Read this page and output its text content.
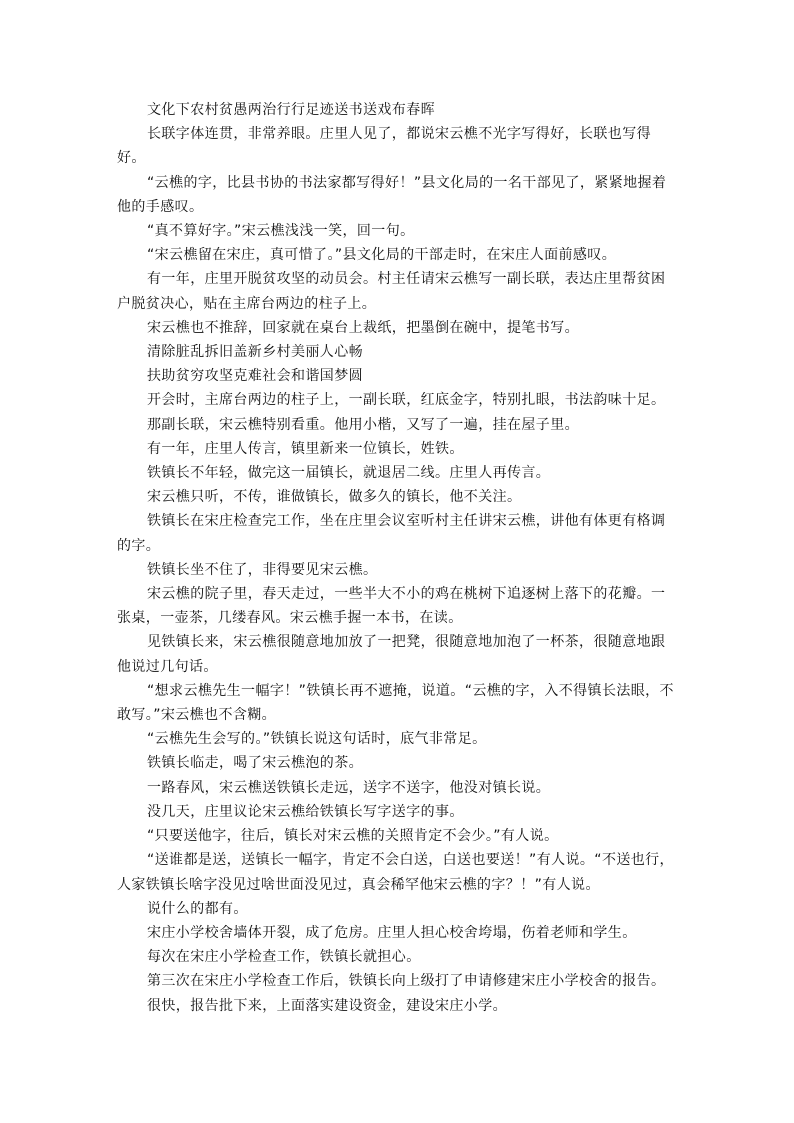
文化下农村贫愚两治行行足迹送书送戏布春晖

长联字体连贯，非常养眼。庄里人见了，都说宋云樵不光字写得好，长联也写得好。

“云樵的字，比县书协的书法家都写得好！”县文化局的一名干部见了，紧紧地握着他的手感叹。

“真不算好字。”宋云樵浅浅一笑，回一句。

“宋云樵留在宋庄，真可惜了。”县文化局的干部走时，在宋庄人面前感叹。

有一年，庄里开脱贫攻坚的动员会。村主任请宋云樵写一副长联，表达庄里帮贫困户脱贫决心，贴在主席台两边的柱子上。

宋云樵也不推辞，回家就在桌台上裁纸，把墨倒在碗中，提笔书写。

清除脏乱拆旧盖新乡村美丽人心畅

扶助贫穷攻坚克难社会和谐国梦圆

开会时，主席台两边的柱子上，一副长联，红底金字，特别扎眼，书法韵味十足。

那副长联，宋云樵特别看重。他用小楷，又写了一遍，挂在屋子里。

有一年，庄里人传言，镇里新来一位镇长，姓铁。

铁镇长不年轻，做完这一届镇长，就退居二线。庄里人再传言。

宋云樵只听，不传，谁做镇长，做多久的镇长，他不关注。

铁镇长在宋庄检查完工作，坐在庄里会议室听村主任讲宋云樵，讲他有体更有格调的字。

铁镇长坐不住了，非得要见宋云樵。

宋云樵的院子里，春天走过，一些半大不小的鸡在桃树下追逐树上落下的花瓣。一张桌，一壶茶，几缕春风。宋云樵手握一本书，在读。

见铁镇长来，宋云樵很随意地加放了一把凳，很随意地加泡了一杯茶，很随意地跟他说过几句话。

“想求云樵先生一幅字！”铁镇长再不遮掩，说道。“云樵的字，入不得镇长法眼，不敢写。”宋云樵也不含糊。

“云樵先生会写的。”铁镇长说这句话时，底气非常足。

铁镇长临走，喝了宋云樵泡的茶。

一路春风，宋云樵送铁镇长走远，送字不送字，他没对镇长说。

没几天，庄里议论宋云樵给铁镇长写字送字的事。

“只要送他字，往后，镇长对宋云樵的关照肯定不会少。”有人说。

“送谁都是送，送镇长一幅字，肯定不会白送，白送也要送！”有人说。“不送也行，人家铁镇长啥字没见过啥世面没见过，真会稀罕他宋云樵的字？！”有人说。

说什么的都有。

宋庄小学校舍墙体开裂，成了危房。庄里人担心校舍垮塌，伤着老师和学生。

每次在宋庄小学检查工作，铁镇长就担心。

第三次在宋庄小学检查工作后，铁镇长向上级打了申请修建宋庄小学校舍的报告。

很快，报告批下来，上面落实建设资金，建设宋庄小学。
